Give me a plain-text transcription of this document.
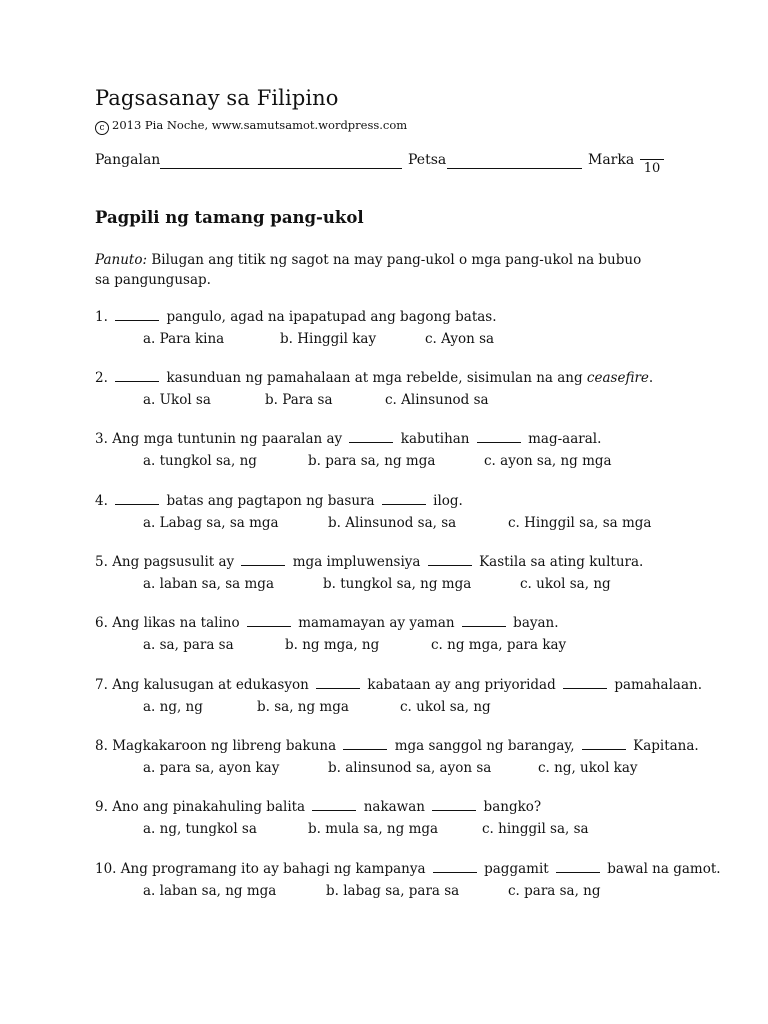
Pagsasanay sa Filipino
c 2013 Pia Noche, www.samutsamot.wordpress.com
Pangalan	Petsa	Marka
10
Pagpili ng tamang pang-ukol
Panuto: Bilugan ang titik ng sagot na may pang-ukol o mga pang-ukol na bubuo sa pangungusap.
1.	pangulo, agad na ipapatupad ang bagong batas.
a. Para kina	b. Hinggil kay	c. Ayon sa
2.	kasunduan ng pamahalaan at mga rebelde, sisimulan na ang ceasefire.
a. Ukol sa	b. Para sa	c. Alinsunod sa
3. Ang mga tuntunin ng paaralan ay	kabutihan	mag-aaral.
a. tungkol sa, ng	b. para sa, ng mga	c. ayon sa, ng mga
4.	batas ang pagtapon ng basura	ilog.
a. Labag sa, sa mga	b. Alinsunod sa, sa	c. Hinggil sa, sa mga
5. Ang pagsusulit ay	mga impluwensiya	Kastila sa ating kultura.
a. laban sa, sa mga	b. tungkol sa, ng mga	c. ukol sa, ng
6. Ang likas na talino	mamamayan ay yaman	bayan.
a. sa, para sa	b. ng mga, ng	c. ng mga, para kay
7. Ang kalusugan at edukasyon	kabataan ay ang priyoridad	pamahalaan.
a. ng, ng	b. sa, ng mga	c. ukol sa, ng
8. Magkakaroon ng libreng bakuna	mga sanggol ng barangay,	Kapitana.
a. para sa, ayon kay	b. alinsunod sa, ayon sa	c. ng, ukol kay
9. Ano ang pinakahuling balita	nakawan	bangko?
a. ng, tungkol sa	b. mula sa, ng mga	c. hinggil sa, sa
10. Ang programang ito ay bahagi ng kampanya	paggamit	bawal na gamot.
a. laban sa, ng mga	b. labag sa, para sa	c. para sa, ng
